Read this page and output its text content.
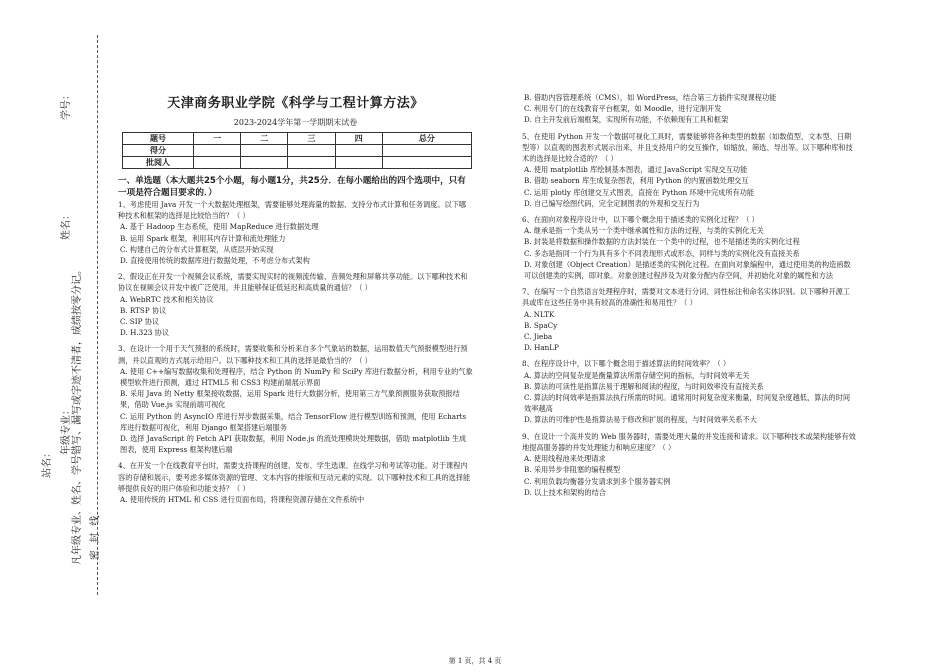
学号：
姓名：
年级专业： 凡年级专业、姓名、学号错写、漏写或字迹不清者，成绩按零分记。
站名：
密 封 线
天津商务职业学院《科学与工程计算方法》
2023-2024学年第一学期期末试卷
题号	一	二	三	四	总分
得分					
批阅人					
一、单选题（本大题共25个小题，每小题1分，共25分．在每小题给出的四个选项中，只有一项是符合题目要求的．）

1、考虑使用 Java 开发一个大数据处理框架，需要能够处理海量的数据、支持分布式计算和任务调度。以下哪种技术和框架的选择是比较恰当的？（ ）

A. 基于 Hadoop 生态系统，使用 MapReduce 进行数据处理

B. 运用 Spark 框架，利用其内存计算和流处理能力

C. 构建自己的分布式计算框架，从底层开始实现

D. 直接使用传统的数据库进行数据处理，不考虑分布式架构

2、假设正在开发一个视频会议系统，需要实现实时的视频流传输、音频处理和屏幕共享功能。以下哪种技术和协议在视频会议开发中被广泛使用，并且能够保证低延迟和高质量的通信？（ ）

A. WebRTC 技术和相关协议

B. RTSP 协议

C. SIP 协议

D. H.323 协议

3、在设计一个用于天气预报的系统时，需要收集和分析来自多个气象站的数据，运用数值天气预报模型进行预测，并以直观的方式展示给用户。以下哪种技术和工具的选择是最恰当的？（ ）

A. 使用 C++编写数据收集和处理程序，结合 Python 的 NumPy 和 SciPy 库进行数据分析，利用专业的气象模型软件进行预测，通过 HTML5 和 CSS3 构建前端展示界面

B. 采用 Java 的 Netty 框架接收数据，运用 Spark 进行大数据分析，使用第三方气象预测服务获取预报结果，借助 Vue.js 实现前端可视化

C. 运用 Python 的 AsyncIO 库进行异步数据采集，结合 TensorFlow 进行模型训练和预测，使用 Echarts 库进行数据可视化，利用 Django 框架搭建后端服务

D. 选择 JavaScript 的 Fetch API 获取数据，利用 Node.js 的流处理模块处理数据，借助 matplotlib 生成图表，使用 Express 框架构建后端

4、在开发一个在线教育平台时，需要支持课程的创建、发布、学生选课、在线学习和考试等功能。对于课程内容的存储和展示，要考虑多媒体资源的管理、文本内容的排版和互动元素的实现。以下哪种技术和工具的选择能够提供良好的用户体验和功能支持？（ ）

A. 使用传统的 HTML 和 CSS 进行页面布局，将课程资源存储在文件系统中

B. 借助内容管理系统（CMS），如 WordPress，结合第三方插件实现课程功能

C. 利用专门的在线教育平台框架，如 Moodle，进行定制开发

D. 自主开发前后端框架，实现所有功能，不依赖现有工具和框架

5、在使用 Python 开发一个数据可视化工具时，需要能够将各种类型的数据（如数值型、文本型、日期型等）以直观的图表形式展示出来，并且支持用户的交互操作，如缩放、筛选、导出等。以下哪种库和技术的选择是比较合适的？（ ）

A. 使用 matplotlib 库绘制基本图表，通过 JavaScript 实现交互功能

B. 借助 seaborn 库生成复杂图表，利用 Python 的内置函数处理交互

C. 运用 plotly 库创建交互式图表，直接在 Python 环境中完成所有功能

D. 自己编写绘图代码，完全定制图表的外观和交互行为

6、在面向对象程序设计中，以下哪个概念用于描述类的实例化过程？（ ）

A. 继承是指一个类从另一个类中继承属性和方法的过程，与类的实例化无关

B. 封装是将数据和操作数据的方法封装在一个类中的过程，也不是描述类的实例化过程

C. 多态是指同一个行为具有多个不同表现形式或形态，同样与类的实例化没有直接关系

D. 对象创建（Object Creation）是描述类的实例化过程。在面向对象编程中，通过使用类的构造函数可以创建类的实例，即对象。对象创建过程涉及为对象分配内存空间，并初始化对象的属性和方法

7、在编写一个自然语言处理程序时，需要对文本进行分词、词性标注和命名实体识别。以下哪种开源工具或库在这些任务中具有较高的准确性和易用性？（ ）

A. NLTK

B. SpaCy

C. Jieba

D. HanLP

8、在程序设计中，以下哪个概念用于描述算法的时间效率？（ ）

A. 算法的空间复杂度是衡量算法所需存储空间的指标，与时间效率无关

B. 算法的可读性是指算法易于理解和阅读的程度，与时间效率没有直接关系

C. 算法的时间效率是指算法执行所需的时间。通常用时间复杂度来衡量，时间复杂度越低，算法的时间效率越高

D. 算法的可维护性是指算法易于修改和扩展的程度，与时间效率关系不大

9、在设计一个高并发的 Web 服务器时，需要处理大量的并发连接和请求。以下哪种技术或架构能够有效地提高服务器的并发处理能力和响应速度？（ ）

A. 使用线程池来处理请求

B. 采用异步非阻塞的编程模型

C. 利用负载均衡器分发请求到多个服务器实例

D. 以上技术和架构的结合

第 1 页，共 4 页
